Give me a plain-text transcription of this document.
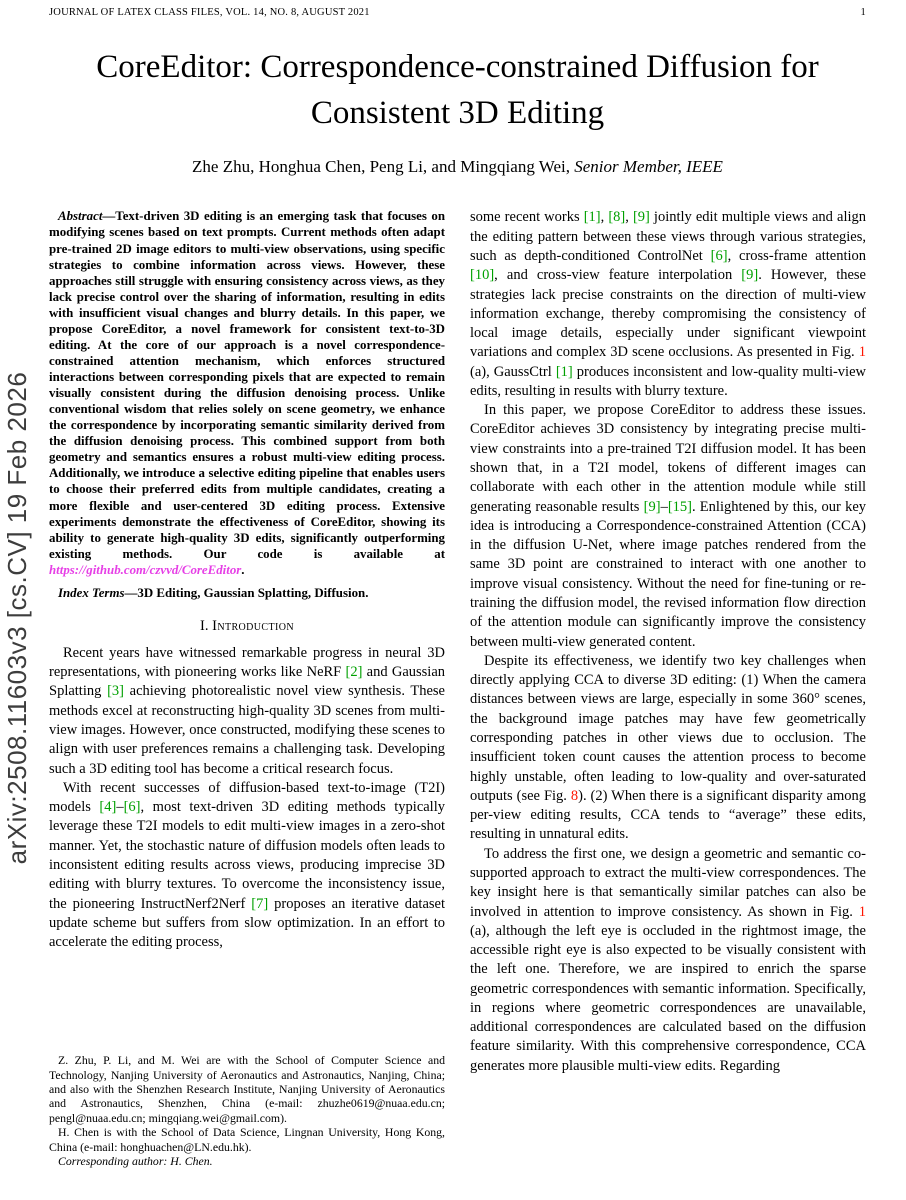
JOURNAL OF LATEX CLASS FILES, VOL. 14, NO. 8, AUGUST 2021	1
arXiv:2508.11603v3 [cs.CV] 19 Feb 2026
CoreEditor: Correspondence-constrained Diffusion for Consistent 3D Editing
Zhe Zhu, Honghua Chen, Peng Li, and Mingqiang Wei, Senior Member, IEEE

Abstract—Text-driven 3D editing is an emerging task that focuses on modifying scenes based on text prompts. Current methods often adapt pre-trained 2D image editors to multi-view observations, using specific strategies to combine information across views. However, these approaches still struggle with ensuring consistency across views, as they lack precise control over the sharing of information, resulting in edits with insufficient visual changes and blurry details. In this paper, we propose CoreEditor, a novel framework for consistent text-to-3D editing. At the core of our approach is a novel correspondence-constrained attention mechanism, which enforces structured interactions between corresponding pixels that are expected to remain visually consistent during the diffusion denoising process. Unlike conventional wisdom that relies solely on scene geometry, we enhance the correspondence by incorporating semantic similarity derived from the diffusion denoising process. This combined support from both geometry and semantics ensures a robust multi-view editing process. Additionally, we introduce a selective editing pipeline that enables users to choose their preferred edits from multiple candidates, creating a more flexible and user-centered 3D editing process. Extensive experiments demonstrate the effectiveness of CoreEditor, showing its ability to generate high-quality 3D edits, significantly outperforming existing methods. Our code is available at https://github.com/czvvd/CoreEditor.

Index Terms—3D Editing, Gaussian Splatting, Diffusion.

I. Introduction

Recent years have witnessed remarkable progress in neural 3D representations, with pioneering works like NeRF [2] and Gaussian Splatting [3] achieving photorealistic novel view synthesis. These methods excel at reconstructing high-quality 3D scenes from multi-view images. However, once constructed, modifying these scenes to align with user preferences remains a challenging task. Developing such a 3D editing tool has become a critical research focus.

With recent successes of diffusion-based text-to-image (T2I) models [4]–[6], most text-driven 3D editing methods typically leverage these T2I models to edit multi-view images in a zero-shot manner. Yet, the stochastic nature of diffusion models often leads to inconsistent editing results across views, producing imprecise 3D editing with blurry textures. To overcome the inconsistency issue, the pioneering InstructNerf2Nerf [7] proposes an iterative dataset update scheme but suffers from slow optimization. In an effort to accelerate the editing process,

Z. Zhu, P. Li, and M. Wei are with the School of Computer Science and Technology, Nanjing University of Aeronautics and Astronautics, Nanjing, China; and also with the Shenzhen Research Institute, Nanjing University of Aeronautics and Astronautics, Shenzhen, China (e-mail: zhuzhe0619@nuaa.edu.cn; pengl@nuaa.edu.cn; mingqiang.wei@gmail.com).

H. Chen is with the School of Data Science, Lingnan University, Hong Kong, China (e-mail: honghuachen@LN.edu.hk).

Corresponding author: H. Chen.

some recent works [1], [8], [9] jointly edit multiple views and align the editing pattern between these views through various strategies, such as depth-conditioned ControlNet [6], cross-frame attention [10], and cross-view feature interpolation [9]. However, these strategies lack precise constraints on the direction of multi-view information exchange, thereby compromising the consistency of local image details, especially under significant viewpoint variations and complex 3D scene occlusions. As presented in Fig. 1 (a), GaussCtrl [1] produces inconsistent and low-quality multi-view edits, resulting in results with blurry texture.

In this paper, we propose CoreEditor to address these issues. CoreEditor achieves 3D consistency by integrating precise multi-view constraints into a pre-trained T2I diffusion model. It has been shown that, in a T2I model, tokens of different images can collaborate with each other in the attention module while still generating reasonable results [9]–[15]. Enlightened by this, our key idea is introducing a Correspondence-constrained Attention (CCA) in the diffusion U-Net, where image patches rendered from the same 3D point are constrained to interact with one another to improve visual consistency. Without the need for fine-tuning or re-training the diffusion model, the revised information flow direction of the attention module can significantly improve the consistency between multi-view generated content.

Despite its effectiveness, we identify two key challenges when directly applying CCA to diverse 3D editing: (1) When the camera distances between views are large, especially in some 360° scenes, the background image patches may have few geometrically corresponding patches in other views due to occlusion. The insufficient token count causes the attention process to become highly unstable, often leading to low-quality and over-saturated outputs (see Fig. 8). (2) When there is a significant disparity among per-view editing results, CCA tends to “average” these edits, resulting in unnatural edits.

To address the first one, we design a geometric and semantic co-supported approach to extract the multi-view correspondences. The key insight here is that semantically similar patches can also be involved in attention to improve consistency. As shown in Fig. 1 (a), although the left eye is occluded in the rightmost image, the accessible right eye is also expected to be visually consistent with the left one. Therefore, we are inspired to enrich the sparse geometric correspondences with semantic information. Specifically, in regions where geometric correspondences are unavailable, additional correspondences are calculated based on the diffusion feature similarity. With this comprehensive correspondence, CCA generates more plausible multi-view edits. Regarding
